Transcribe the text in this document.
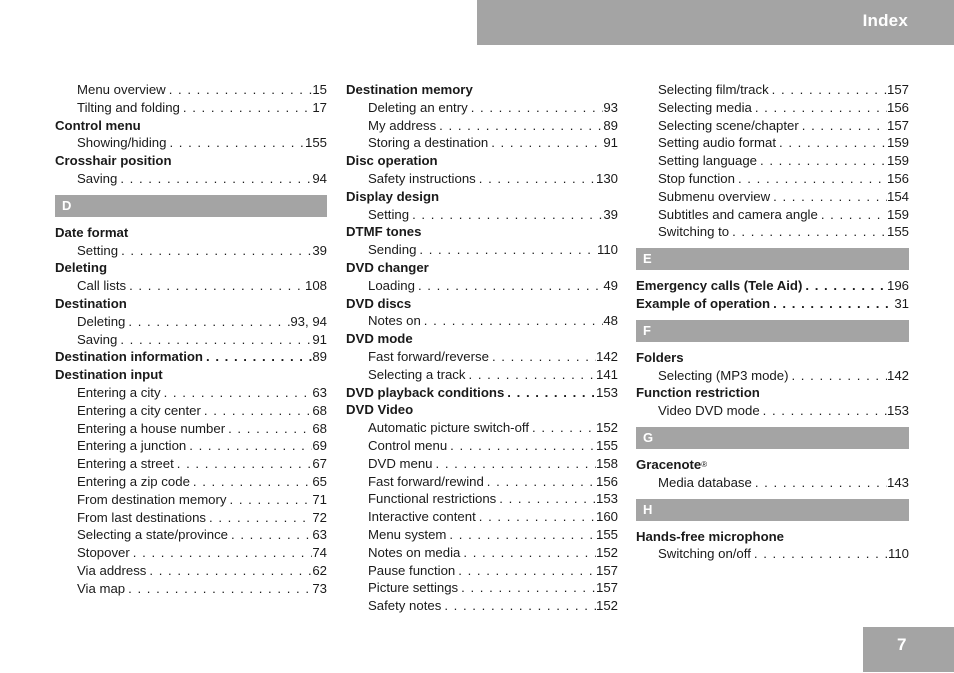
Index
Menu overview . . .	15
Tilting and folding . . .	17
Control menu
Showing/hiding . . .	155
Crosshair position
Saving . . .	94
D
Date format
Setting . . .	39
Deleting
Call lists . . .	108
Destination
Deleting . . .	93, 94
Saving . . .	91
Destination information . . .	89
Destination input
Entering a city . . .	63
Entering a city center . . .	68
Entering a house number . . .	68
Entering a junction . . .	69
Entering a street . . .	67
Entering a zip code . . .	65
From destination memory . . .	71
From last destinations . . .	72
Selecting a state/province . . .	63
Stopover . . .	74
Via address . . .	62
Via map . . .	73
Destination memory
Deleting an entry . . .	93
My address . . .	89
Storing a destination . . .	91
Disc operation
Safety instructions . . .	130
Display design
Setting . . .	39
DTMF tones
Sending . . .	110
DVD changer
Loading . . .	49
DVD discs
Notes on . . .	48
DVD mode
Fast forward/reverse . . .	142
Selecting a track . . .	141
DVD playback conditions . . .	153
DVD Video
Automatic picture switch-off . . .	152
Control menu . . .	155
DVD menu . . .	158
Fast forward/rewind . . .	156
Functional restrictions . . .	153
Interactive content . . .	160
Menu system . . .	155
Notes on media . . .	152
Pause function . . .	157
Picture settings . . .	157
Safety notes . . .	152
Selecting film/track . . .	157
Selecting media . . .	156
Selecting scene/chapter . . .	157
Setting audio format . . .	159
Setting language . . .	159
Stop function . . .	156
Submenu overview . . .	154
Subtitles and camera angle . . .	159
Switching to . . .	155
E
Emergency calls (Tele Aid) . . .	196
Example of operation . . .	31
F
Folders
Selecting (MP3 mode) . . .	142
Function restriction
Video DVD mode . . .	153
G
Gracenote ®
Media database . . .	143
H
Hands-free microphone
Switching on/off . . .	110
7
